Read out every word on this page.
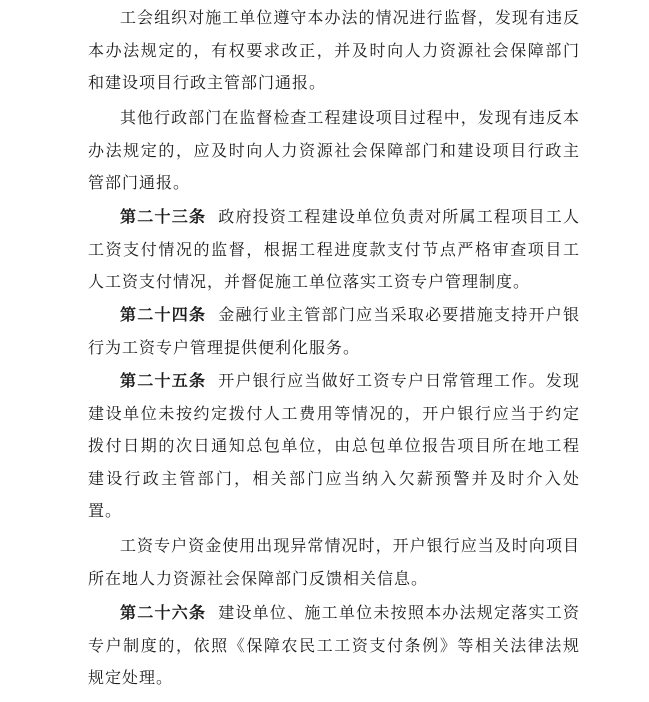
工会组织对施工单位遵守本办法的情况进行监督，发现有违反本办法规定的，有权要求改正，并及时向人力资源社会保障部门和建设项目行政主管部门通报。

其他行政部门在监督检查工程建设项目过程中，发现有违反本办法规定的，应及时向人力资源社会保障部门和建设项目行政主管部门通报。

第二十三条 政府投资工程建设单位负责对所属工程项目工人工资支付情况的监督，根据工程进度款支付节点严格审查项目工人工资支付情况，并督促施工单位落实工资专户管理制度。

第二十四条 金融行业主管部门应当采取必要措施支持开户银行为工资专户管理提供便利化服务。

第二十五条 开户银行应当做好工资专户日常管理工作。发现建设单位未按约定拨付人工费用等情况的，开户银行应当于约定拨付日期的次日通知总包单位，由总包单位报告项目所在地工程建设行政主管部门，相关部门应当纳入欠薪预警并及时介入处置。

工资专户资金使用出现异常情况时，开户银行应当及时向项目所在地人力资源社会保障部门反馈相关信息。

第二十六条 建设单位、施工单位未按照本办法规定落实工资专户制度的，依照《保障农民工工资支付条例》等相关法律法规规定处理。
